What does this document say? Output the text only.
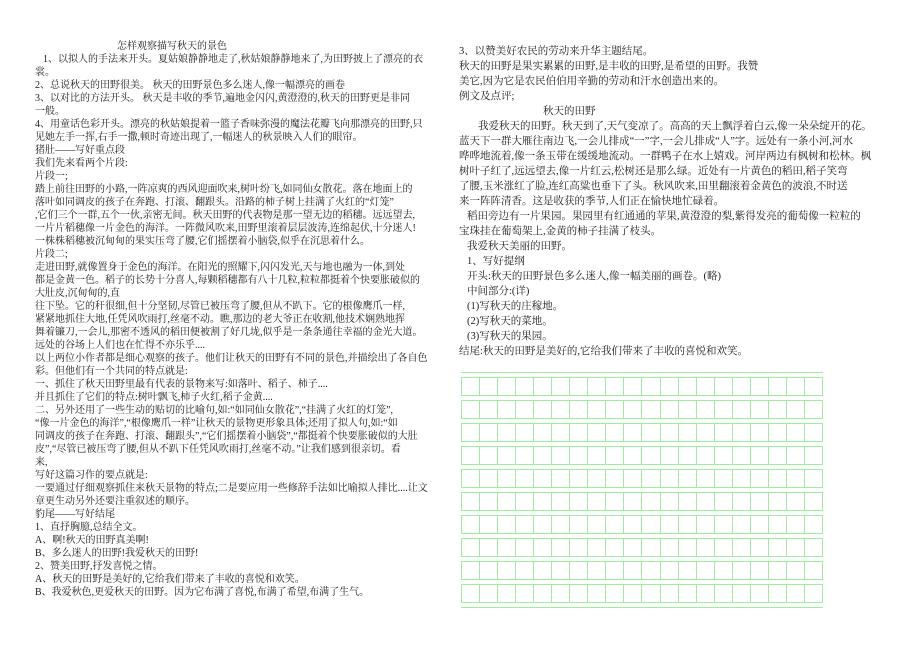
怎样观察描写秋天的景色
1、以拟人的手法来开头。夏姑娘静静地走了,秋姑娘静静地来了,为田野披上了漂亮的衣
裳。
2、总说秋天的田野很美。 秋天的田野景色多么迷人,像一幅漂亮的画卷
3、以对比的方法开头。 秋天是丰收的季节,遍地金闪闪,黄澄澄的,秋天的田野更是非同
一般。
4、用童话色彩开头。漂亮的秋姑娘提着一篮子香味弥漫的魔法花瓣飞向那漂亮的田野,只
见她左手一挥,右手一撒,顿时奇迹出现了,一幅迷人的秋景映入人们的眼帘。
猪肚——写好重点段
我们先来看两个片段:
片段一;
踏上前往田野的小路,一阵凉爽的西风迎面吹来,树叶纷飞,如同仙女散花。落在地面上的
落叶如同调皮的孩子在奔跑、打滚、翻跟头。沿路的柿子树上挂满了火红的“灯笼”
,它们三个一群,五个一伙,亲密无间。秋天田野的代表物是那一望无边的稻穗。远远望去,
一片片稻穗像一片金色的海洋。一阵微风吹来,田野里滚着层层波涛,连绵起伏,十分迷人!
一株株稻穗被沉甸甸的果实压弯了腰,它们摇摆着小脑袋,似乎在沉思着什么。
片段二;
走进田野,就像置身于金色的海洋。在阳光的照耀下,闪闪发光,天与地也融为一体,到处
都是金黄一色。稻子的长势十分喜人,每颗稻穗都有八十几粒,粒粒都挺着个快要胀破似的
大肚皮,沉甸甸的,直
往下坠。它的秆很细,但十分坚韧,尽管已被压弯了腰,但从不趴下。它的根像鹰爪一样,
紧紧地抓住大地,任凭风吹雨打,丝毫不动。瞧,那边的老大爷正在收割,他技术娴熟地挥
舞着镰刀,一会儿,那密不透风的稻田便被割了好几垅,似乎是一条条通往幸福的金光大道。
远处的谷场上人们也在忙得不亦乐乎....
以上两位小作者都是细心观察的孩子。他们让秋天的田野有不同的景色,并描绘出了各自色
彩。但他们有一个共同的特点就是:
一、抓住了秋天田野里最有代表的景物来写:如落叶、稻子、柿子....
并且抓住了它们的特点:树叶飘飞,柿子火红,稻子金黄....
二、另外还用了一些生动的贴切的比喻句,如:“如同仙女散花”,“挂满了火红的灯笼”,
“像一片金色的海洋”,“根像鹰爪一样”让秋天的景物更形象具体;还用了拟人句,如:“如
同调皮的孩子在奔跑、打滚、翻跟头”,“它们摇摆着小脑袋”,“都挺着个快要胀破似的大肚
皮”,“尽管已被压弯了腰,但从不趴下任凭风吹雨打,丝毫不动。”让我们感到很亲切。看
来,
写好这篇习作的要点就是:
一要通过仔细观察抓住来秋天景物的特点;二是要应用一些修辞手法如比喻拟人排比....让文
章更生动另外还要注重叙述的顺序。
豹尾——写好结尾
1、直抒胸臆,总结全文。
A、啊!秋天的田野真美啊!
B、多么迷人的田野!我爱秋天的田野!
2、赞美田野,抒发喜悦之情。
A、秋天的田野是美好的,它给我们带来了丰收的喜悦和欢笑。
B、我爱秋色,更爱秋天的田野。因为它布满了喜悦,布满了希望,布满了生气。
3、以赞美好农民的劳动来升华主题结尾。
秋天的田野是果实累累的田野,是丰收的田野,是希望的田野。我赞
美它,因为它是农民伯伯用辛勤的劳动和汗水创造出来的。
例文及点评;
秋天的田野
我爱秋天的田野。秋天到了,天气变凉了。高高的天上飘浮着白云,像一朵朵绽开的花。
蓝天下一群大雁往南边飞,一会儿排成“一”字,一会儿排成“人”字。远处有一条小河,河水
哗哗地流着,像一条玉带在缓缓地流动。一群鸭子在水上嬉戏。河岸两边有枫树和松林。枫
树叶子红了,远远望去,像一片红云,松树还是那么绿。近处有一片黄色的稻田,稻子笑弯
了腰,玉米涨红了脸,连红高粱也垂下了头。秋风吹来,田里翻滚着金黄色的波浪,不时送
来一阵阵清香。这是收获的季节,人们正在愉快地忙碌着。
稻田旁边有一片果园。果园里有红通通的苹果,黄澄澄的梨,紫得发亮的葡萄像一粒粒的
宝珠挂在葡萄架上,金黄的柿子挂满了枝头。
我爱秋天美丽的田野。
1、写好提纲
开头:秋天的田野景色多么迷人,像一幅美丽的画卷。(略)
中间部分:(详)
(1)写秋天的庄稼地。
(2)写秋天的菜地。
(3)写秋天的果园。
结尾:秋天的田野是美好的,它给我们带来了丰收的喜悦和欢笑。
